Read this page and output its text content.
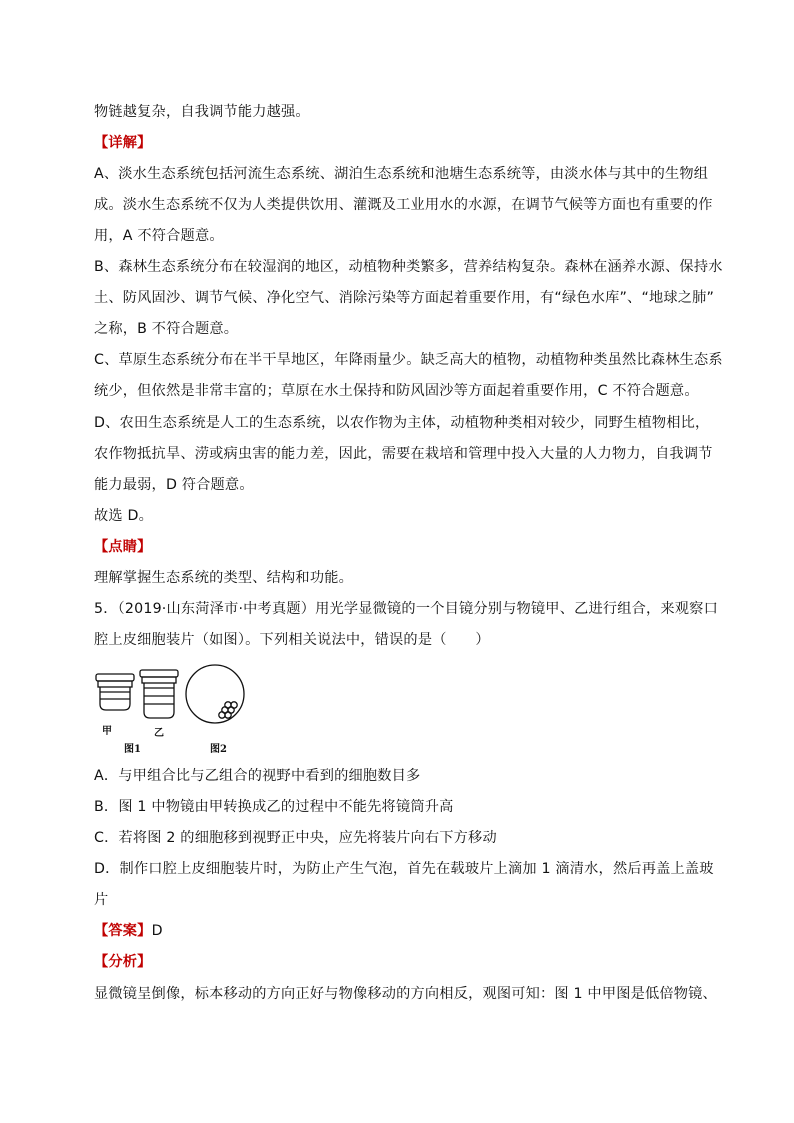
物链越复杂，自我调节能力越强。
【详解】
A、淡水生态系统包括河流生态系统、湖泊生态系统和池塘生态系统等，由淡水体与其中的生物组
成。淡水生态系统不仅为人类提供饮用、灌溉及工业用水的水源，在调节气候等方面也有重要的作
用，A 不符合题意。
B、森林生态系统分布在较湿润的地区，动植物种类繁多，营养结构复杂。森林在涵养水源、保持水
土、防风固沙、调节气候、净化空气、消除污染等方面起着重要作用，有“绿色水库”、“地球之肺”
之称，B 不符合题意。
C、草原生态系统分布在半干旱地区，年降雨量少。缺乏高大的植物，动植物种类虽然比森林生态系
统少，但依然是非常丰富的；草原在水土保持和防风固沙等方面起着重要作用，C 不符合题意。
D、农田生态系统是人工的生态系统，以农作物为主体，动植物种类相对较少，同野生植物相比，
农作物抵抗旱、涝或病虫害的能力差，因此，需要在栽培和管理中投入大量的人力物力，自我调节
能力最弱，D 符合题意。
故选 D。
【点睛】
理解掌握生态系统的类型、结构和功能。
5．（2019·山东菏泽市·中考真题）用光学显微镜的一个目镜分别与物镜甲、乙进行组合，来观察口
腔上皮细胞装片（如图）。下列相关说法中，错误的是（　　）
甲	乙
图1	图2
A．与甲组合比与乙组合的视野中看到的细胞数目多
B．图 1 中物镜由甲转换成乙的过程中不能先将镜筒升高
C．若将图 2 的细胞移到视野正中央，应先将装片向右下方移动
D．制作口腔上皮细胞装片时，为防止产生气泡，首先在载玻片上滴加 1 滴清水，然后再盖上盖玻
片
【答案】D
【分析】
显微镜呈倒像，标本移动的方向正好与物像移动的方向相反，观图可知：图 1 中甲图是低倍物镜、
